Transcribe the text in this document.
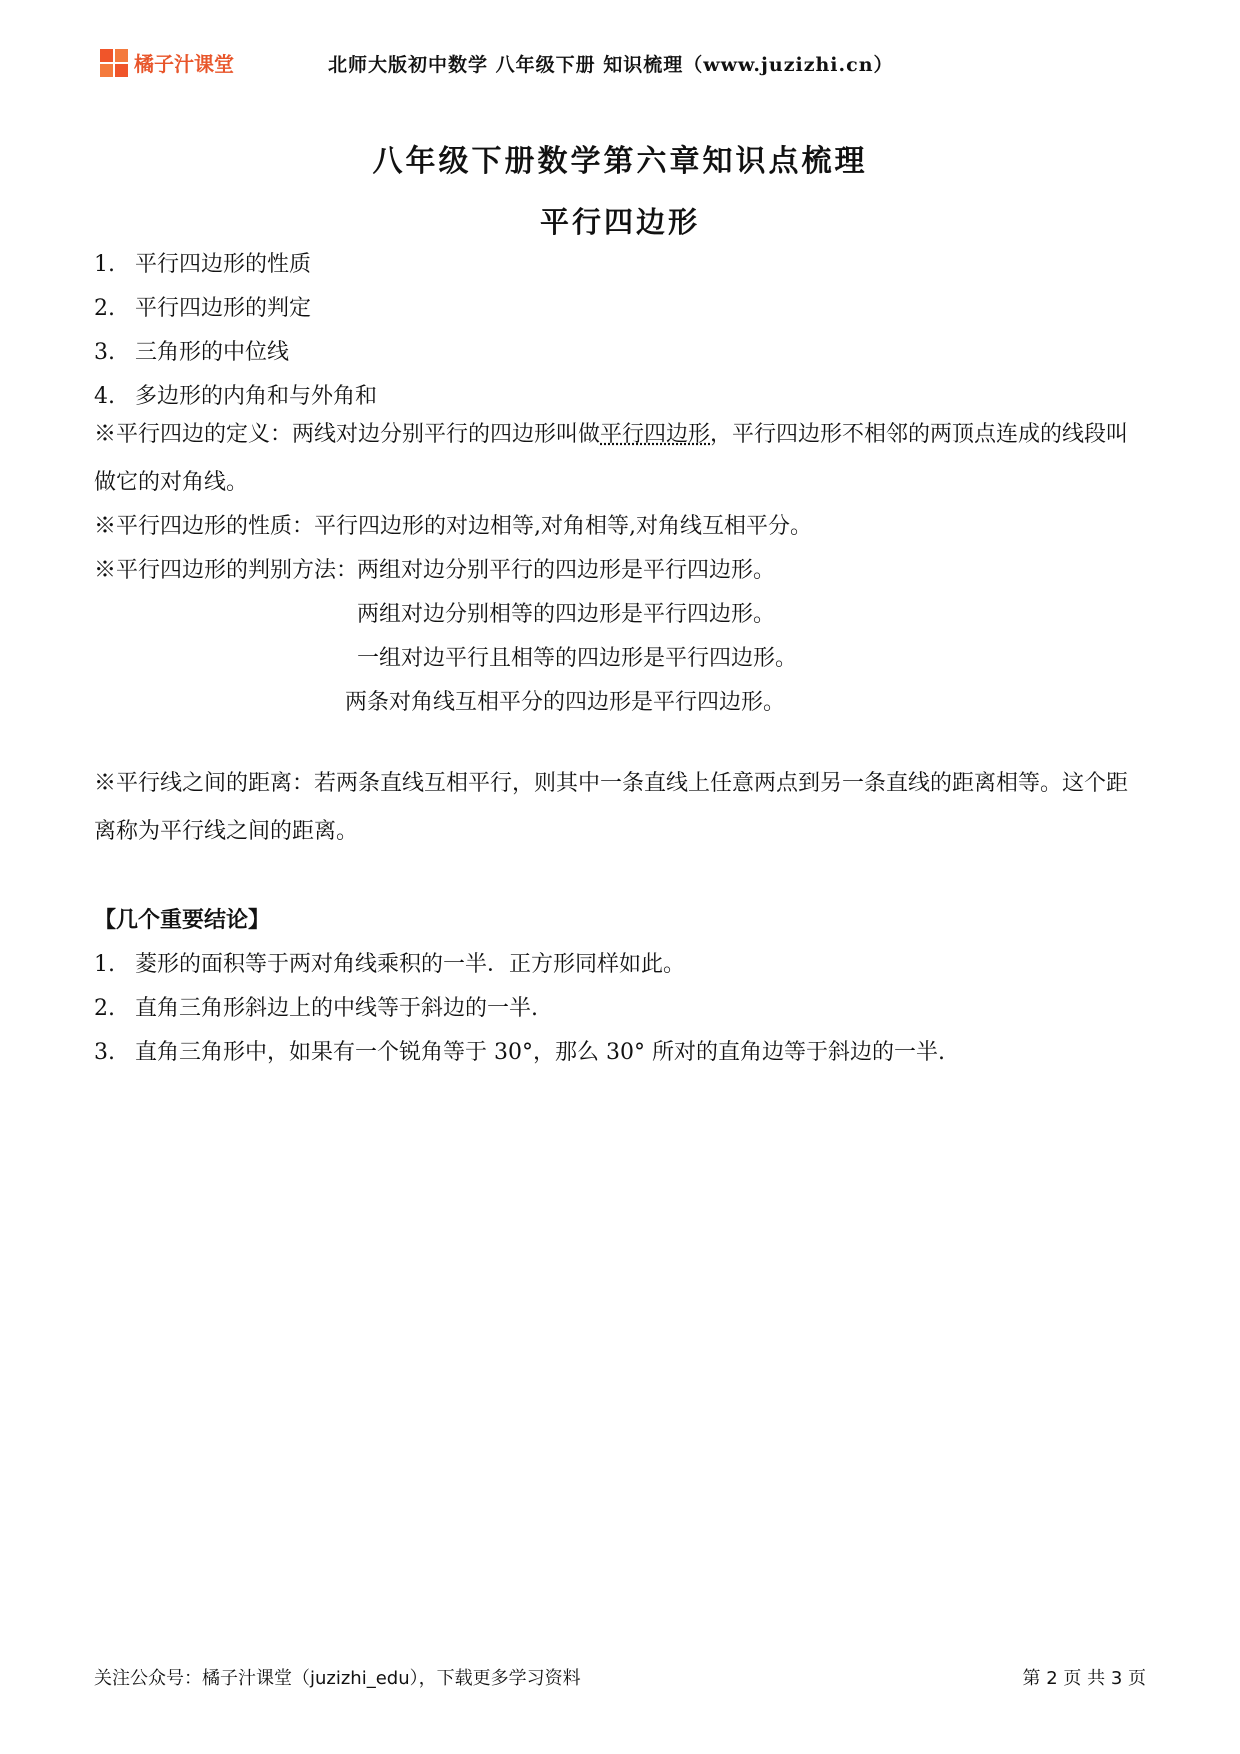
橘子汁课堂	北师大版初中数学 八年级下册 知识梳理（www.juzizhi.cn）
八年级下册数学第六章知识点梳理
平行四边形
1. 平行四边形的性质
2. 平行四边形的判定
3. 三角形的中位线
4. 多边形的内角和与外角和
※平行四边的定义：两线对边分别平行的四边形叫做平行四边形，平行四边形不相邻的两顶点连成的线段叫做它的对角线。
※平行四边形的性质：平行四边形的对边相等,对角相等,对角线互相平分。
※平行四边形的判别方法：
两组对边分别平行的四边形是平行四边形。
两组对边分别相等的四边形是平行四边形。
一组对边平行且相等的四边形是平行四边形。
两条对角线互相平分的四边形是平行四边形。
※平行线之间的距离：若两条直线互相平行，则其中一条直线上任意两点到另一条直线的距离相等。这个距离称为平行线之间的距离。
【几个重要结论】
1. 菱形的面积等于两对角线乘积的一半．正方形同样如此。
2. 直角三角形斜边上的中线等于斜边的一半.
3. 直角三角形中，如果有一个锐角等于 30°，那么 30° 所对的直角边等于斜边的一半.
关注公众号：橘子汁课堂（juzizhi_edu），下载更多学习资料	第 2 页 共 3 页
